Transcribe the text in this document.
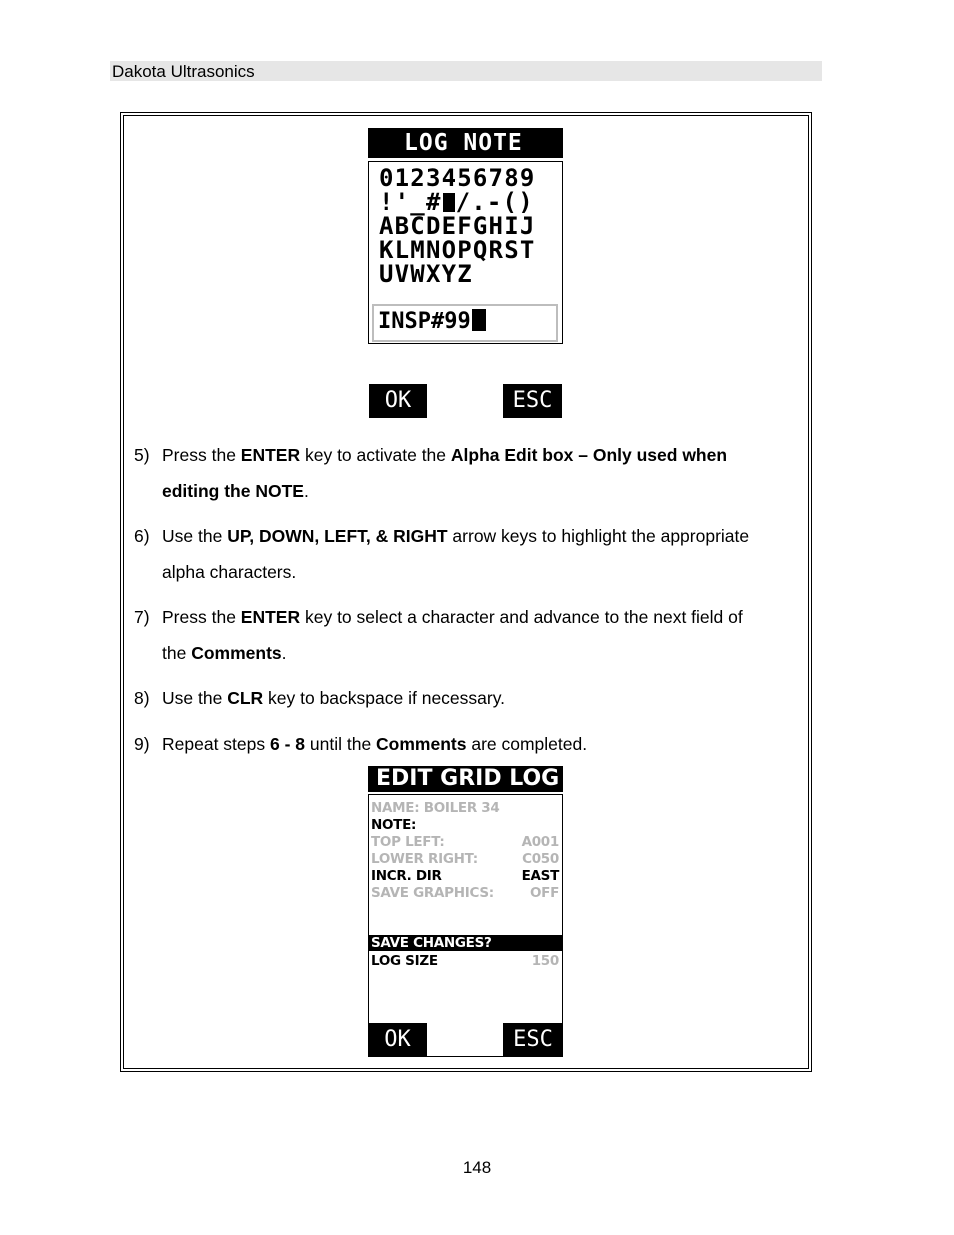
Dakota Ultrasonics
LOG NOTE
0123456789
!'_# /.-()
ABCDEFGHIJ
KLMNOPQRST
UVWXYZ
INSP#99
OK	ESC
5) Press the ENTER key to activate the Alpha Edit box – Only used when
editing the NOTE.
6) Use the UP, DOWN, LEFT, & RIGHT arrow keys to highlight the appropriate
alpha characters.
7) Press the ENTER key to select a character and advance to the next field of
the Comments.
8) Use the CLR key to backspace if necessary.
9) Repeat steps 6 - 8 until the Comments are completed.
EDIT GRID LOG
NAME: BOILER 34
NOTE:
TOP LEFT:	A001
LOWER RIGHT:	C050
INCR. DIR	EAST
SAVE GRAPHICS:	OFF
SAVE CHANGES?
LOG SIZE	150
OK	ESC
148
